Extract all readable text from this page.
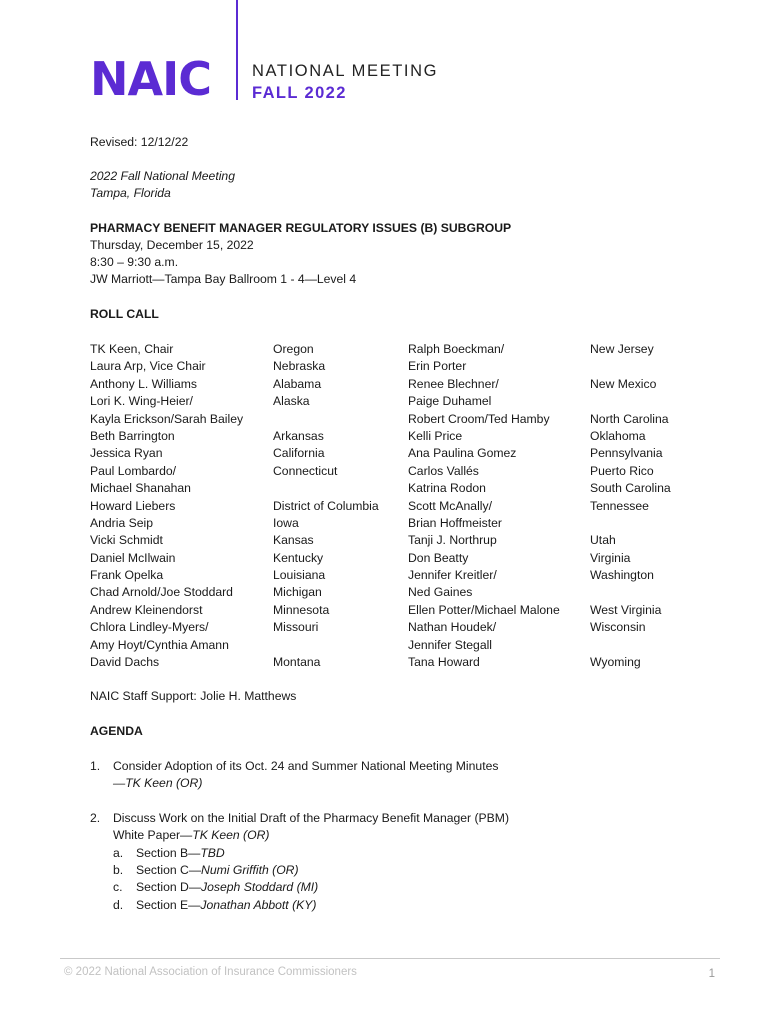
NAIC NATIONAL MEETING
FALL 2022
Revised: 12/12/22
2022 Fall National Meeting
Tampa, Florida
PHARMACY BENEFIT MANAGER REGULATORY ISSUES (B) SUBGROUP
Thursday, December 15, 2022
8:30 – 9:30 a.m.
JW Marriott—Tampa Bay Ballroom 1 - 4—Level 4
ROLL CALL
TK Keen, Chair
Laura Arp, Vice Chair
Anthony L. Williams
Lori K. Wing-Heier/
Kayla Erickson/Sarah Bailey
Beth Barrington
Jessica Ryan
Paul Lombardo/
Michael Shanahan
Howard Liebers
Andria Seip
Vicki Schmidt
Daniel McIlwain
Frank Opelka
Chad Arnold/Joe Stoddard
Andrew Kleinendorst
Chlora Lindley-Myers/
Amy Hoyt/Cynthia Amann
David Dachs
Oregon
Nebraska
Alabama
Alaska
Arkansas
California
Connecticut
District of Columbia
Iowa
Kansas
Kentucky
Louisiana
Michigan
Minnesota
Missouri
Montana
Ralph Boeckman/
Erin Porter
Renee Blechner/
Paige Duhamel
Robert Croom/Ted Hamby
Kelli Price
Ana Paulina Gomez
Carlos Vallés
Katrina Rodon
Scott McAnally/
Brian Hoffmeister
Tanji J. Northrup
Don Beatty
Jennifer Kreitler/
Ned Gaines
Ellen Potter/Michael Malone
Nathan Houdek/
Jennifer Stegall
Tana Howard
New Jersey
New Mexico
North Carolina
Oklahoma
Pennsylvania
Puerto Rico
South Carolina
Tennessee
Utah
Virginia
Washington
West Virginia
Wisconsin
Wyoming
NAIC Staff Support: Jolie H. Matthews
AGENDA
1. Consider Adoption of its Oct. 24 and Summer National Meeting Minutes
—TK Keen (OR)
2. Discuss Work on the Initial Draft of the Pharmacy Benefit Manager (PBM)
White Paper—TK Keen (OR)
a. Section B—TBD
b. Section C—Numi Griffith (OR)
c. Section D—Joseph Stoddard (MI)
d. Section E—Jonathan Abbott (KY)
© 2022 National Association of Insurance Commissioners	1
